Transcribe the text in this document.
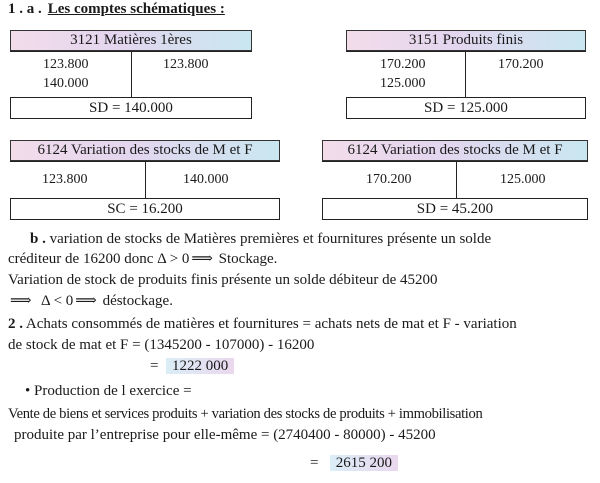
1 . a . Les comptes schématiques :
3121 Matières 1ères
123.800
140.000
123.800
SD = 140.000
3151 Produits finis
170.200
125.000
170.200
SD = 125.000
6124 Variation des stocks de M et F
123.800	140.000
SC = 16.200
6124 Variation des stocks de M et F
170.200	125.000
SD = 45.200
b . variation de stocks de Matières premières et fournitures présente un solde
créditeur de 16200 donc Δ > 0 ⟹ Stockage.
Variation de stock de produits finis présente un solde débiteur de 45200
⟹ Δ < 0 ⟹ déstockage.
2 . Achats consommés de matières et fournitures = achats nets de mat et F - variation
de stock de mat et F = (1345200 - 107000) - 16200
= 1222 000
• Production de l exercice =
Vente de biens et services produits + variation des stocks de produits + immobilisation
produite par l’entreprise pour elle-même = (2740400 - 80000) - 45200
= 2615 200
